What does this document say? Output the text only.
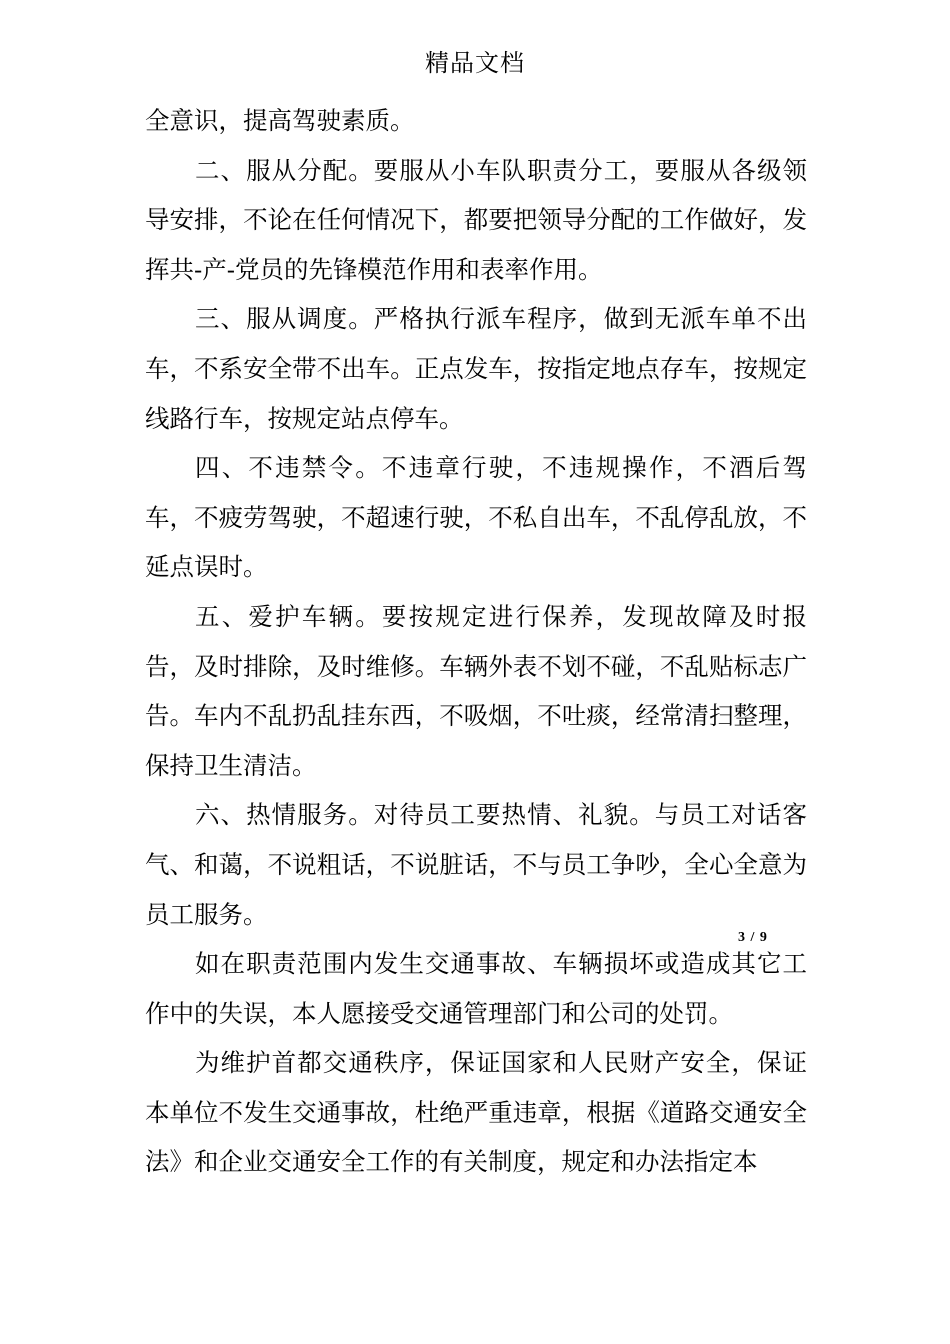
精品文档

全意识，提高驾驶素质。

二、服从分配。要服从小车队职责分工，要服从各级领导安排，不论在任何情况下，都要把领导分配的工作做好，发挥共-产-党员的先锋模范作用和表率作用。

三、服从调度。严格执行派车程序，做到无派车单不出车，不系安全带不出车。正点发车，按指定地点存车，按规定线路行车，按规定站点停车。

四、不违禁令。不违章行驶，不违规操作，不酒后驾车，不疲劳驾驶，不超速行驶，不私自出车，不乱停乱放，不延点误时。

五、爱护车辆。要按规定进行保养，发现故障及时报告，及时排除，及时维修。车辆外表不划不碰，不乱贴标志广告。车内不乱扔乱挂东西，不吸烟，不吐痰，经常清扫整理，保持卫生清洁。

六、热情服务。对待员工要热情、礼貌。与员工对话客气、和蔼，不说粗话，不说脏话，不与员工争吵，全心全意为员工服务。

如在职责范围内发生交通事故、车辆损坏或造成其它工作中的失误，本人愿接受交通管理部门和公司的处罚。

为维护首都交通秩序，保证国家和人民财产安全，保证本单位不发生交通事故，杜绝严重违章，根据《道路交通安全法》和企业交通安全工作的有关制度，规定和办法指定本

3 / 9
